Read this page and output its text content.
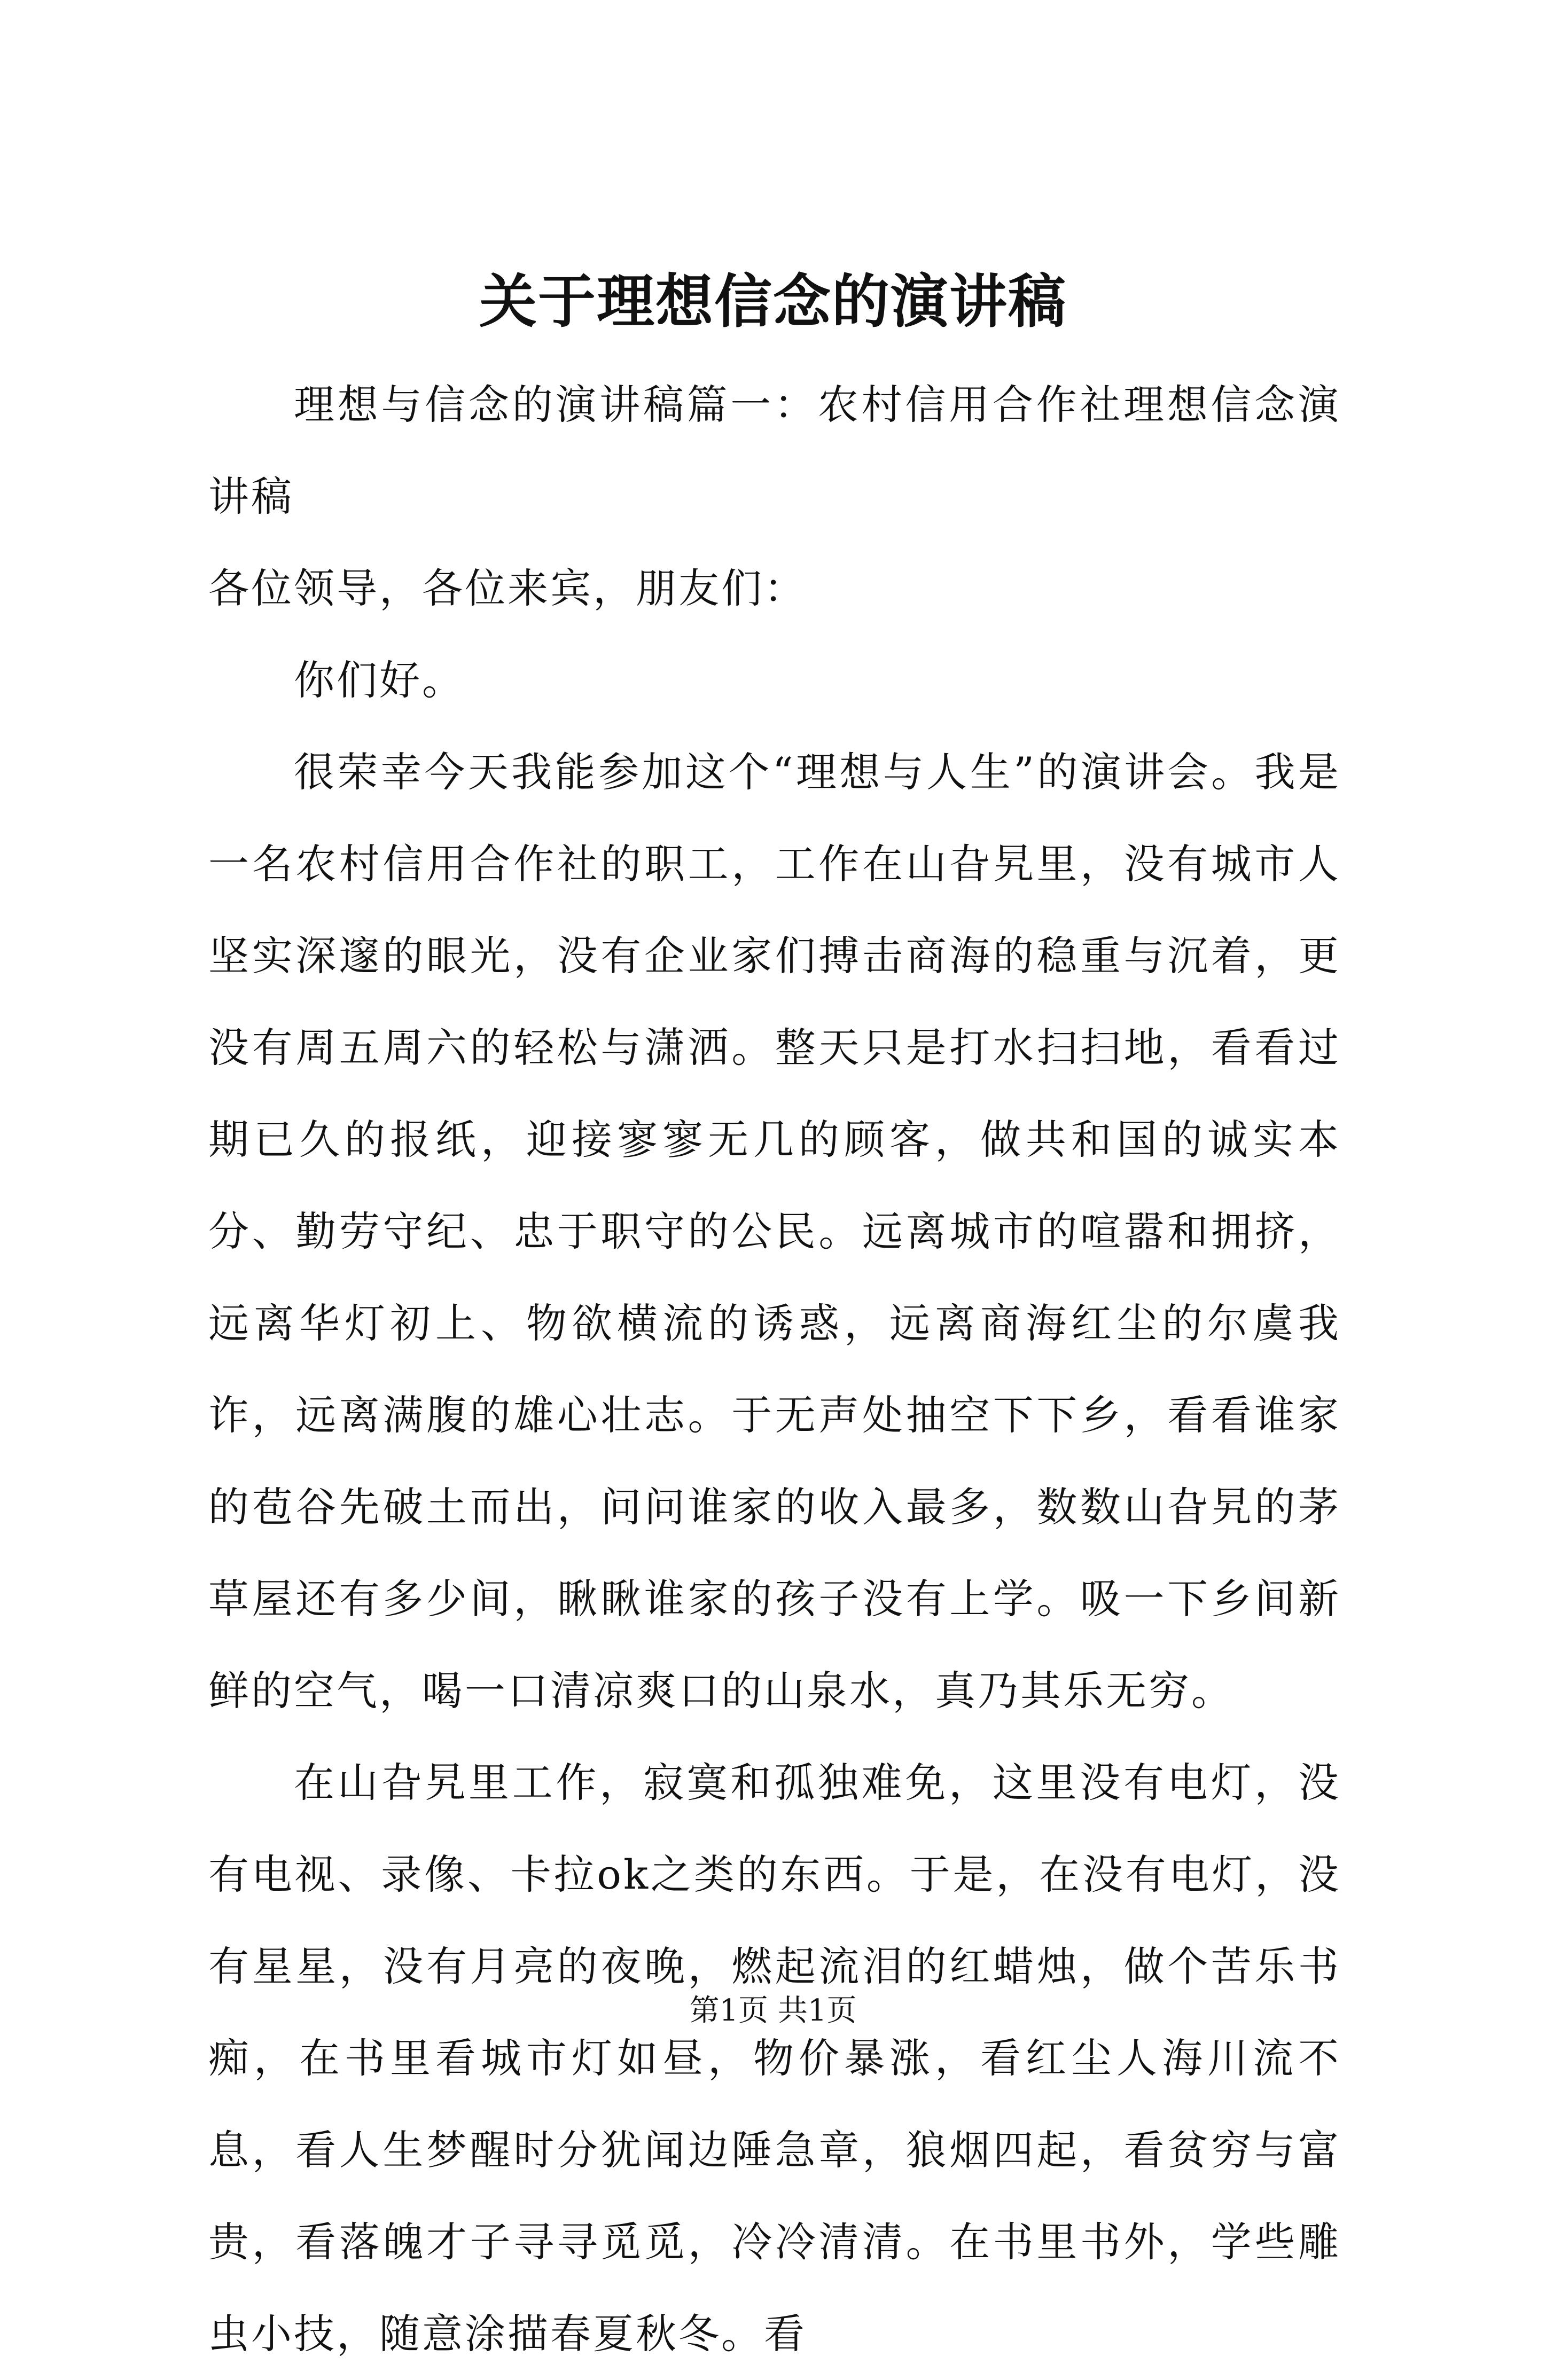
关于理想信念的演讲稿

理想与信念的演讲稿篇一：农村信用合作社理想信念演讲稿

各位领导，各位来宾，朋友们：

你们好。

很荣幸今天我能参加这个“理想与人生”的演讲会。我是一名农村信用合作社的职工，工作在山旮旯里，没有城市人坚实深邃的眼光，没有企业家们搏击商海的稳重与沉着，更没有周五周六的轻松与潇洒。整天只是打水扫扫地，看看过期已久的报纸，迎接寥寥无几的顾客，做共和国的诚实本分、勤劳守纪、忠于职守的公民。远离城市的喧嚣和拥挤，远离华灯初上、物欲横流的诱惑，远离商海红尘的尔虞我诈，远离满腹的雄心壮志。于无声处抽空下下乡，看看谁家的苞谷先破土而出，问问谁家的收入最多，数数山旮旯的茅草屋还有多少间，瞅瞅谁家的孩子没有上学。吸一下乡间新鲜的空气，喝一口清凉爽口的山泉水，真乃其乐无穷。

在山旮旯里工作，寂寞和孤独难免，这里没有电灯，没有电视、录像、卡拉ok之类的东西。于是，在没有电灯，没有星星，没有月亮的夜晚，燃起流泪的红蜡烛，做个苦乐书痴，在书里看城市灯如昼，物价暴涨，看红尘人海川流不息，看人生梦醒时分犹闻边陲急章，狼烟四起，看贫穷与富贵，看落魄才子寻寻觅觅，冷冷清清。在书里书外，学些雕虫小技，随意涂描春夏秋冬。看

第1页 共1页
